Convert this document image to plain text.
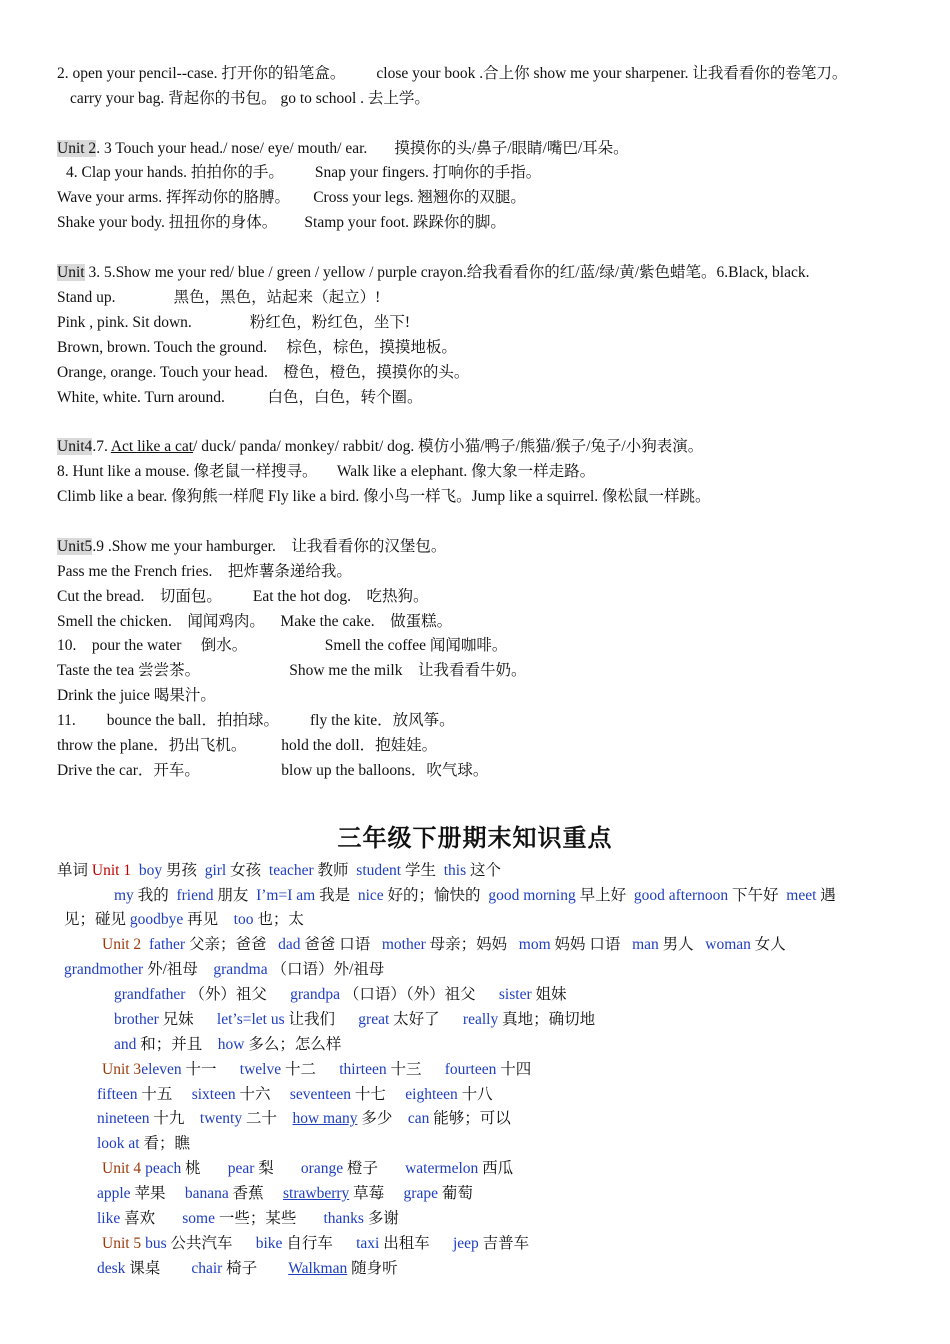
2. open your pencil--case. 打开你的铅笔盒。        close your book .合上你 show me your sharpener. 让我看看你的卷笔刀。
carry your bag. 背起你的书包。 go to school . 去上学。
Unit 2. 3 Touch your head./ nose/ eye/ mouth/ ear.       摸摸你的头/鼻子/眼睛/嘴巴/耳朵。
4. Clap your hands. 拍拍你的手。        Snap your fingers. 打响你的手指。
Wave your arms. 挥挥动你的胳膊。      Cross your legs. 翘翘你的双腿。
Shake your body. 扭扭你的身体。       Stamp your foot. 跺跺你的脚。
Unit 3. 5.Show me your red/ blue / green / yellow / purple crayon.给我看看你的红/蓝/绿/黄/紫色蜡笔。6.Black, black.
Stand up.               黑色，黑色，站起来（起立）!
Pink , pink. Sit down.               粉红色，粉红色，坐下!
Brown, brown. Touch the ground.     棕色，棕色，摸摸地板。
Orange, orange. Touch your head.    橙色，橙色，摸摸你的头。
White, white. Turn around.           白色，白色，转个圈。
Unit4.7. Act like a cat/ duck/ panda/ monkey/ rabbit/ dog. 模仿小猫/鸭子/熊猫/猴子/兔子/小狗表演。
8. Hunt like a mouse. 像老鼠一样搜寻。     Walk like a elephant. 像大象一样走路。
Climb like a bear. 像狗熊一样爬 Fly like a bird. 像小鸟一样飞。Jump like a squirrel. 像松鼠一样跳。
Unit5.9 .Show me your hamburger.    让我看看你的汉堡包。
Pass me the French fries.    把炸薯条递给我。
Cut the bread.    切面包。        Eat the hot dog.    吃热狗。
Smell the chicken.    闻闻鸡肉。    Make the cake.    做蛋糕。
10.    pour the water     倒水。                    Smell the coffee 闻闻咖啡。
Taste the tea 尝尝茶。                       Show me the milk    让我看看牛奶。
Drink the juice 喝果汁。
11.        bounce the ball．拍拍球。        fly the kite．放风筝。
throw the plane．扔出飞机。         hold the doll．抱娃娃。
Drive the car．开车。                     blow up the balloons．吹气球。
三年级下册期末知识重点
单词 Unit 1 boy 男孩  girl 女孩  teacher 教师  student 学生  this 这个
my 我的  friend 朋友  I’m=I am 我是  nice 好的；愉快的  good morning 早上好  good afternoon 下午好  meet 遇
见；碰见 goodbye 再见    too 也；太
Unit 2 father 父亲；爸爸   dad 爸爸 口语   mother 母亲；妈妈   mom 妈妈 口语   man 男人   woman 女人
grandmother 外/祖母    grandma （口语）外/祖母
grandfather （外）祖父      grandpa （口语）（外）祖父      sister 姐妹
brother 兄妹      let’s=let us 让我们      great 太好了      really 真地；确切地
and 和；并且    how 多么；怎么样
Unit 3eleven 十一      twelve 十二      thirteen 十三      fourteen 十四
fifteen 十五     sixteen 十六     seventeen 十七     eighteen 十八
nineteen 十九    twenty 二十    how many 多少    can 能够；可以
look at 看；瞧
Unit 4 peach 桃       pear 梨       orange 橙子       watermelon 西瓜
apple 苹果     banana 香蕉     strawberry 草莓     grape 葡萄
like 喜欢       some 一些；某些       thanks 多谢
Unit 5 bus 公共汽车      bike 自行车      taxi 出租车      jeep 吉普车
desk 课桌        chair 椅子        Walkman 随身听
